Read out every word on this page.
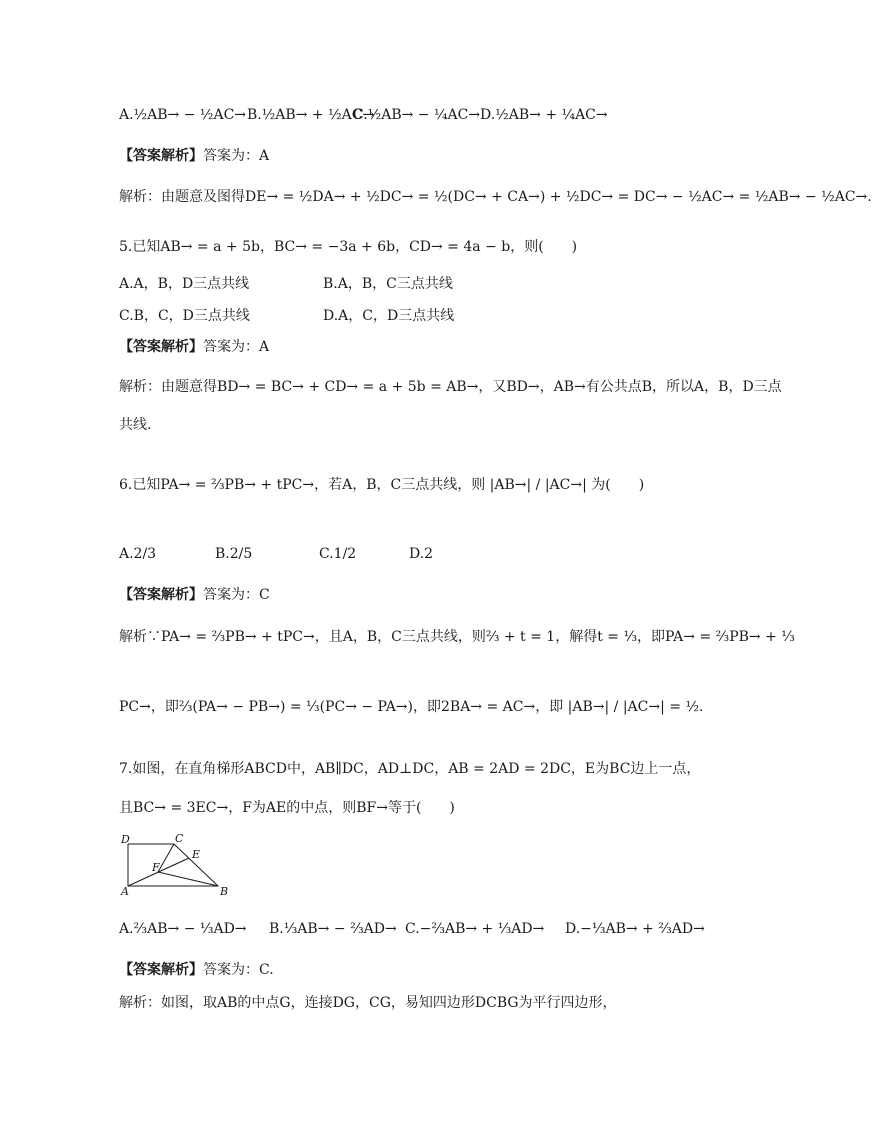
A.½AB→ − ½AC→B.½AB→ + ½AC→C.½AB→ − ¼AC→D.½AB→ + ¼AC→
【答案解析】答案为：A
解析：由题意及图得DE→ = ½DA→ + ½DC→ = ½(DC→ + CA→) + ½DC→ = DC→ − ½AC→ = ½AB→ − ½AC→.
5.已知AB→ = a + 5b，BC→ = −3a + 6b，CD→ = 4a − b，则(　　)
A.A，B，D三点共线	B.A，B，C三点共线
C.B，C，D三点共线	D.A，C，D三点共线
【答案解析】答案为：A
解析：由题意得BD→ = BC→ + CD→ = a + 5b = AB→，又BD→，AB→有公共点B，所以A，B，D三点
共线.
6.已知PA→ = ⅔PB→ + tPC→，若A，B，C三点共线，则 |AB→| / |AC→| 为(　　)
A.2/3	B.2/5	C.1/2	D.2
【答案解析】答案为：C
解析∵PA→ = ⅔PB→ + tPC→，且A，B，C三点共线，则⅔ + t = 1，解得t = ⅓，即PA→ = ⅔PB→ + ⅓
PC→，即⅔(PA→ − PB→) = ⅓(PC→ − PA→)，即2BA→ = AC→，即 |AB→| / |AC→| = ½.
7.如图，在直角梯形ABCD中，AB∥DC，AD⊥DC，AB = 2AD = 2DC，E为BC边上一点，
且BC→ = 3EC→，F为AE的中点，则BF→等于(　　)
D	C
E
F
A	B
A.⅔AB→ − ⅓AD→ B.⅓AB→ − ⅔AD→ C.−⅔AB→ + ⅓AD→ D.−⅓AB→ + ⅔AD→
【答案解析】答案为：C.
解析：如图，取AB的中点G，连接DG，CG，易知四边形DCBG为平行四边形，
